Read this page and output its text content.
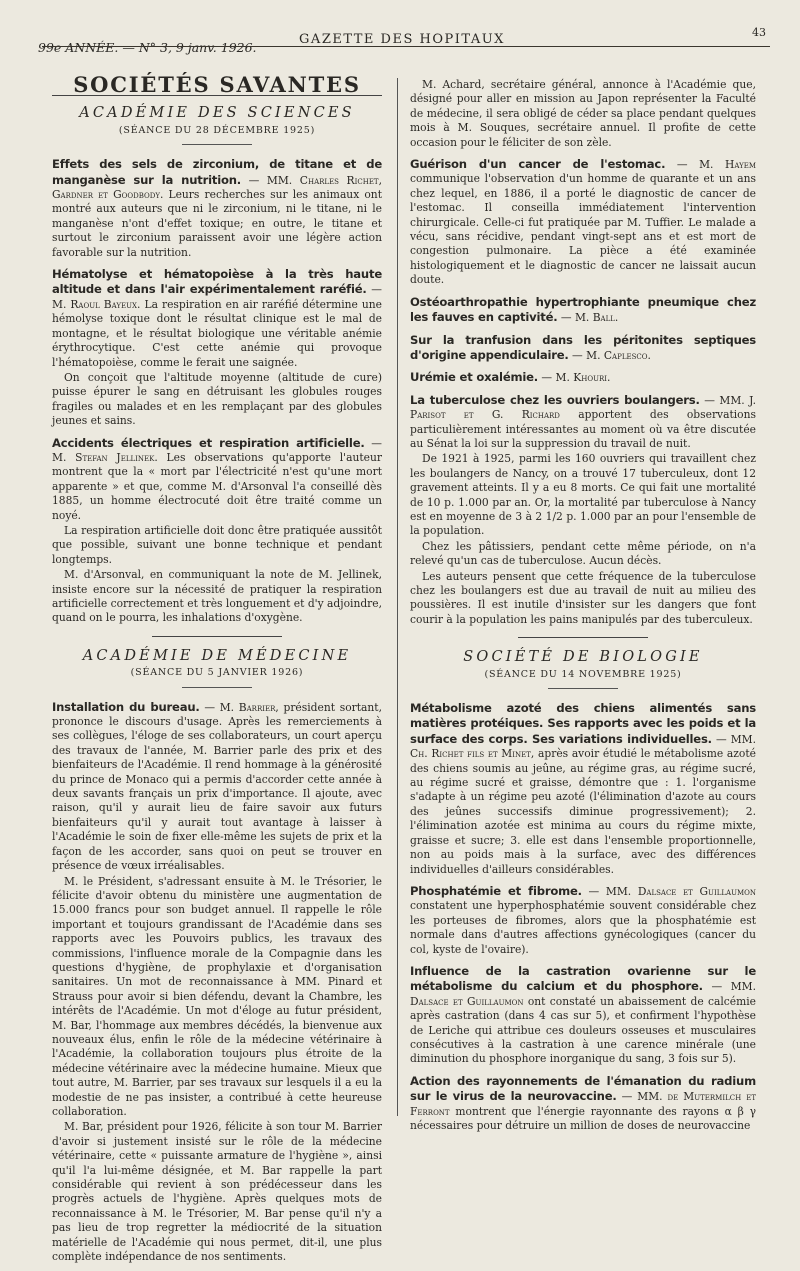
99e ANNÉE. — N° 3, 9 janv. 1926.
GAZETTE DES HOPITAUX	43
SOCIÉTÉS SAVANTES
ACADÉMIE DES SCIENCES
(SÉANCE DU 28 DÉCEMBRE 1925)

Effets des sels de zirconium, de titane et de manganèse sur la nutrition. — MM. Charles Richet, Gardner et Goodbody. Leurs recherches sur les animaux ont montré aux auteurs que ni le zirconium, ni le titane, ni le manganèse n'ont d'effet toxique; en outre, le titane et surtout le zirconium paraissent avoir une légère action favorable sur la nutrition.

Hématolyse et hématopoièse à la très haute altitude et dans l'air expérimentalement raréfié. — M. Raoul Bayeux. La respiration en air raréfié détermine une hémolyse toxique dont le résultat clinique est le mal de montagne, et le résultat biologique une véritable anémie érythrocytique. C'est cette anémie qui provoque l'hématopoièse, comme le ferait une saignée.

On conçoit que l'altitude moyenne (altitude de cure) puisse épurer le sang en détruisant les globules rouges fragiles ou malades et en les remplaçant par des globules jeunes et sains.

Accidents électriques et respiration artificielle. — M. Stefan Jellinek. Les observations qu'apporte l'auteur montrent que la « mort par l'électricité n'est qu'une mort apparente » et que, comme M. d'Arsonval l'a conseillé dès 1885, un homme électrocuté doit être traité comme un noyé.

La respiration artificielle doit donc être pratiquée aussitôt que possible, suivant une bonne technique et pendant longtemps.

M. d'Arsonval, en communiquant la note de M. Jellinek, insiste encore sur la nécessité de pratiquer la respiration artificielle correctement et très longuement et d'y adjoindre, quand on le pourra, les inhalations d'oxygène.

ACADÉMIE DE MÉDECINE
(SÉANCE DU 5 JANVIER 1926)

Installation du bureau. — M. Barrier, président sortant, prononce le discours d'usage. Après les remerciements à ses collègues, l'éloge de ses collaborateurs, un court aperçu des travaux de l'année, M. Barrier parle des prix et des bienfaiteurs de l'Académie. Il rend hommage à la générosité du prince de Monaco qui a permis d'accorder cette année à deux savants français un prix d'importance. Il ajoute, avec raison, qu'il y aurait lieu de faire savoir aux futurs bienfaiteurs qu'il y aurait tout avantage à laisser à l'Académie le soin de fixer elle-même les sujets de prix et la façon de les accorder, sans quoi on peut se trouver en présence de vœux irréalisables.

M. le Président, s'adressant ensuite à M. le Trésorier, le félicite d'avoir obtenu du ministère une augmentation de 15.000 francs pour son budget annuel. Il rappelle le rôle important et toujours grandissant de l'Académie dans ses rapports avec les Pouvoirs publics, les travaux des commissions, l'influence morale de la Compagnie dans les questions d'hygiène, de prophylaxie et d'organisation sanitaires. Un mot de reconnaissance à MM. Pinard et Strauss pour avoir si bien défendu, devant la Chambre, les intérêts de l'Académie. Un mot d'éloge au futur président, M. Bar, l'hommage aux membres décédés, la bienvenue aux nouveaux élus, enfin le rôle de la médecine vétérinaire à l'Académie, la collaboration toujours plus étroite de la médecine vétérinaire avec la médecine humaine. Mieux que tout autre, M. Barrier, par ses travaux sur lesquels il a eu la modestie de ne pas insister, a contribué à cette heureuse collaboration.

M. Bar, président pour 1926, félicite à son tour M. Barrier d'avoir si justement insisté sur le rôle de la médecine vétérinaire, cette « puissante armature de l'hygiène », ainsi qu'il l'a lui-même désignée, et M. Bar rappelle la part considérable qui revient à son prédécesseur dans les progrès actuels de l'hygiène. Après quelques mots de reconnaissance à M. le Trésorier, M. Bar pense qu'il n'y a pas lieu de trop regretter la médiocrité de la situation matérielle de l'Académie qui nous permet, dit-il, une plus complète indépendance de nos sentiments.

M. Achard, secrétaire général, annonce à l'Académie que, désigné pour aller en mission au Japon représenter la Faculté de médecine, il sera obligé de céder sa place pendant quelques mois à M. Souques, secrétaire annuel. Il profite de cette occasion pour le féliciter de son zèle.

Guérison d'un cancer de l'estomac. — M. Hayem communique l'observation d'un homme de quarante et un ans chez lequel, en 1886, il a porté le diagnostic de cancer de l'estomac. Il conseilla immédiatement l'intervention chirurgicale. Celle-ci fut pratiquée par M. Tuffier. Le malade a vécu, sans récidive, pendant vingt-sept ans et est mort de congestion pulmonaire. La pièce a été examinée histologiquement et le diagnostic de cancer ne laissait aucun doute.

Ostéoarthropathie hypertrophiante pneumique chez les fauves en captivité. — M. Ball.

Sur la tranfusion dans les péritonites septiques d'origine appendiculaire. — M. Caplesco.

Urémie et oxalémie. — M. Khouri.

La tuberculose chez les ouvriers boulangers. — MM. J. Parisot et G. Richard apportent des observations particulièrement intéressantes au moment où va être discutée au Sénat la loi sur la suppression du travail de nuit.

De 1921 à 1925, parmi les 160 ouvriers qui travaillent chez les boulangers de Nancy, on a trouvé 17 tuberculeux, dont 12 gravement atteints. Il y a eu 8 morts. Ce qui fait une mortalité de 10 p. 1.000 par an. Or, la mortalité par tuberculose à Nancy est en moyenne de 3 à 2 1/2 p. 1.000 par an pour l'ensemble de la population.

Chez les pâtissiers, pendant cette même période, on n'a relevé qu'un cas de tuberculose. Aucun décès.

Les auteurs pensent que cette fréquence de la tuberculose chez les boulangers est due au travail de nuit au milieu des poussières. Il est inutile d'insister sur les dangers que font courir à la population les pains manipulés par des tuberculeux.

SOCIÉTÉ DE BIOLOGIE
(SÉANCE DU 14 NOVEMBRE 1925)

Métabolisme azoté des chiens alimentés sans matières protéiques. Ses rapports avec les poids et la surface des corps. Ses variations individuelles. — MM. Ch. Richet fils et Minet, après avoir étudié le métabolisme azoté des chiens soumis au jeûne, au régime gras, au régime sucré, au régime sucré et graisse, démontre que : 1. l'organisme s'adapte à un régime peu azoté (l'élimination d'azote au cours des jeûnes successifs diminue progressivement); 2. l'élimination azotée est minima au cours du régime mixte, graisse et sucre; 3. elle est dans l'ensemble proportionnelle, non au poids mais à la surface, avec des différences individuelles d'ailleurs considérables.

Phosphatémie et fibrome. — MM. Dalsace et Guillaumon constatent une hyperphosphatémie souvent considérable chez les porteuses de fibromes, alors que la phosphatémie est normale dans d'autres affections gynécologiques (cancer du col, kyste de l'ovaire).

Influence de la castration ovarienne sur le métabolisme du calcium et du phosphore. — MM. Dalsace et Guillaumon ont constaté un abaissement de calcémie après castration (dans 4 cas sur 5), et confirment l'hypothèse de Leriche qui attribue ces douleurs osseuses et musculaires consécutives à la castration à une carence minérale (une diminution du phosphore inorganique du sang, 3 fois sur 5).

Action des rayonnements de l'émanation du radium sur le virus de la neurovaccine. — MM. de Mutermilch et Ferront montrent que l'énergie rayonnante des rayons α β γ nécessaires pour détruire un million de doses de neurovaccine
